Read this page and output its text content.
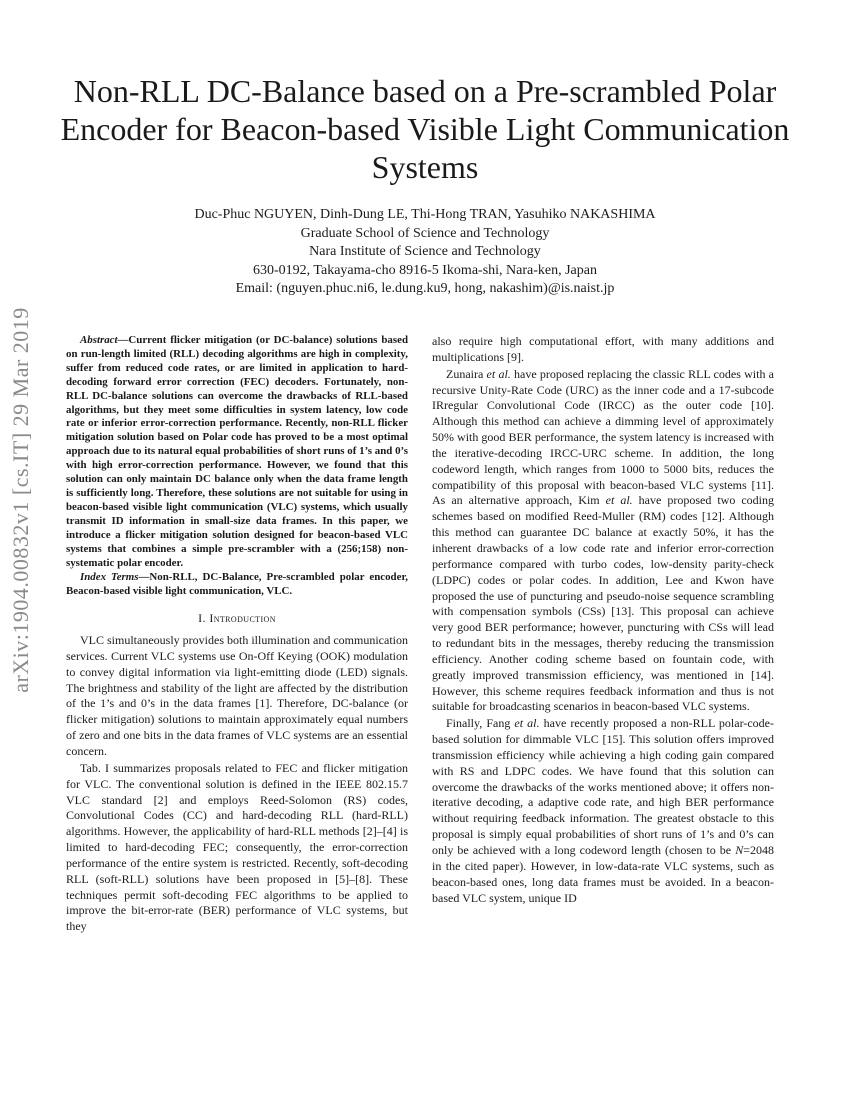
arXiv:1904.00832v1 [cs.IT] 29 Mar 2019
Non-RLL DC-Balance based on a Pre-scrambled Polar Encoder for Beacon-based Visible Light Communication Systems
Duc-Phuc NGUYEN, Dinh-Dung LE, Thi-Hong TRAN, Yasuhiko NAKASHIMA
Graduate School of Science and Technology
Nara Institute of Science and Technology
630-0192, Takayama-cho 8916-5 Ikoma-shi, Nara-ken, Japan
Email: (nguyen.phuc.ni6, le.dung.ku9, hong, nakashim)@is.naist.jp

Abstract—Current flicker mitigation (or DC-balance) solutions based on run-length limited (RLL) decoding algorithms are high in complexity, suffer from reduced code rates, or are limited in application to hard-decoding forward error correction (FEC) decoders. Fortunately, non-RLL DC-balance solutions can overcome the drawbacks of RLL-based algorithms, but they meet some difficulties in system latency, low code rate or inferior error-correction performance. Recently, non-RLL flicker mitigation solution based on Polar code has proved to be a most optimal approach due to its natural equal probabilities of short runs of 1’s and 0’s with high error-correction performance. However, we found that this solution can only maintain DC balance only when the data frame length is sufficiently long. Therefore, these solutions are not suitable for using in beacon-based visible light communication (VLC) systems, which usually transmit ID information in small-size data frames. In this paper, we introduce a flicker mitigation solution designed for beacon-based VLC systems that combines a simple pre-scrambler with a (256;158) non-systematic polar encoder.

Index Terms—Non-RLL, DC-Balance, Pre-scrambled polar encoder, Beacon-based visible light communication, VLC.

I. Introduction

VLC simultaneously provides both illumination and communication services. Current VLC systems use On-Off Keying (OOK) modulation to convey digital information via light-emitting diode (LED) signals. The brightness and stability of the light are affected by the distribution of the 1’s and 0’s in the data frames [1]. Therefore, DC-balance (or flicker mitigation) solutions to maintain approximately equal numbers of zero and one bits in the data frames of VLC systems are an essential concern.

Tab. I summarizes proposals related to FEC and flicker mitigation for VLC. The conventional solution is defined in the IEEE 802.15.7 VLC standard [2] and employs Reed-Solomon (RS) codes, Convolutional Codes (CC) and hard-decoding RLL (hard-RLL) algorithms. However, the applicability of hard-RLL methods [2]–[4] is limited to hard-decoding FEC; consequently, the error-correction performance of the entire system is restricted. Recently, soft-decoding RLL (soft-RLL) solutions have been proposed in [5]–[8]. These techniques permit soft-decoding FEC algorithms to be applied to improve the bit-error-rate (BER) performance of VLC systems, but they

also require high computational effort, with many additions and multiplications [9].

Zunaira et al. have proposed replacing the classic RLL codes with a recursive Unity-Rate Code (URC) as the inner code and a 17-subcode IRregular Convolutional Code (IRCC) as the outer code [10]. Although this method can achieve a dimming level of approximately 50% with good BER performance, the system latency is increased with the iterative-decoding IRCC-URC scheme. In addition, the long codeword length, which ranges from 1000 to 5000 bits, reduces the compatibility of this proposal with beacon-based VLC systems [11]. As an alternative approach, Kim et al. have proposed two coding schemes based on modified Reed-Muller (RM) codes [12]. Although this method can guarantee DC balance at exactly 50%, it has the inherent drawbacks of a low code rate and inferior error-correction performance compared with turbo codes, low-density parity-check (LDPC) codes or polar codes. In addition, Lee and Kwon have proposed the use of puncturing and pseudo-noise sequence scrambling with compensation symbols (CSs) [13]. This proposal can achieve very good BER performance; however, puncturing with CSs will lead to redundant bits in the messages, thereby reducing the transmission efficiency. Another coding scheme based on fountain code, with greatly improved transmission efficiency, was mentioned in [14]. However, this scheme requires feedback information and thus is not suitable for broadcasting scenarios in beacon-based VLC systems.

Finally, Fang et al. have recently proposed a non-RLL polar-code-based solution for dimmable VLC [15]. This solution offers improved transmission efficiency while achieving a high coding gain compared with RS and LDPC codes. We have found that this solution can overcome the drawbacks of the works mentioned above; it offers non-iterative decoding, a adaptive code rate, and high BER performance without requiring feedback information. The greatest obstacle to this proposal is simply equal probabilities of short runs of 1’s and 0’s can only be achieved with a long codeword length (chosen to be N=2048 in the cited paper). However, in low-data-rate VLC systems, such as beacon-based ones, long data frames must be avoided. In a beacon-based VLC system, unique ID
